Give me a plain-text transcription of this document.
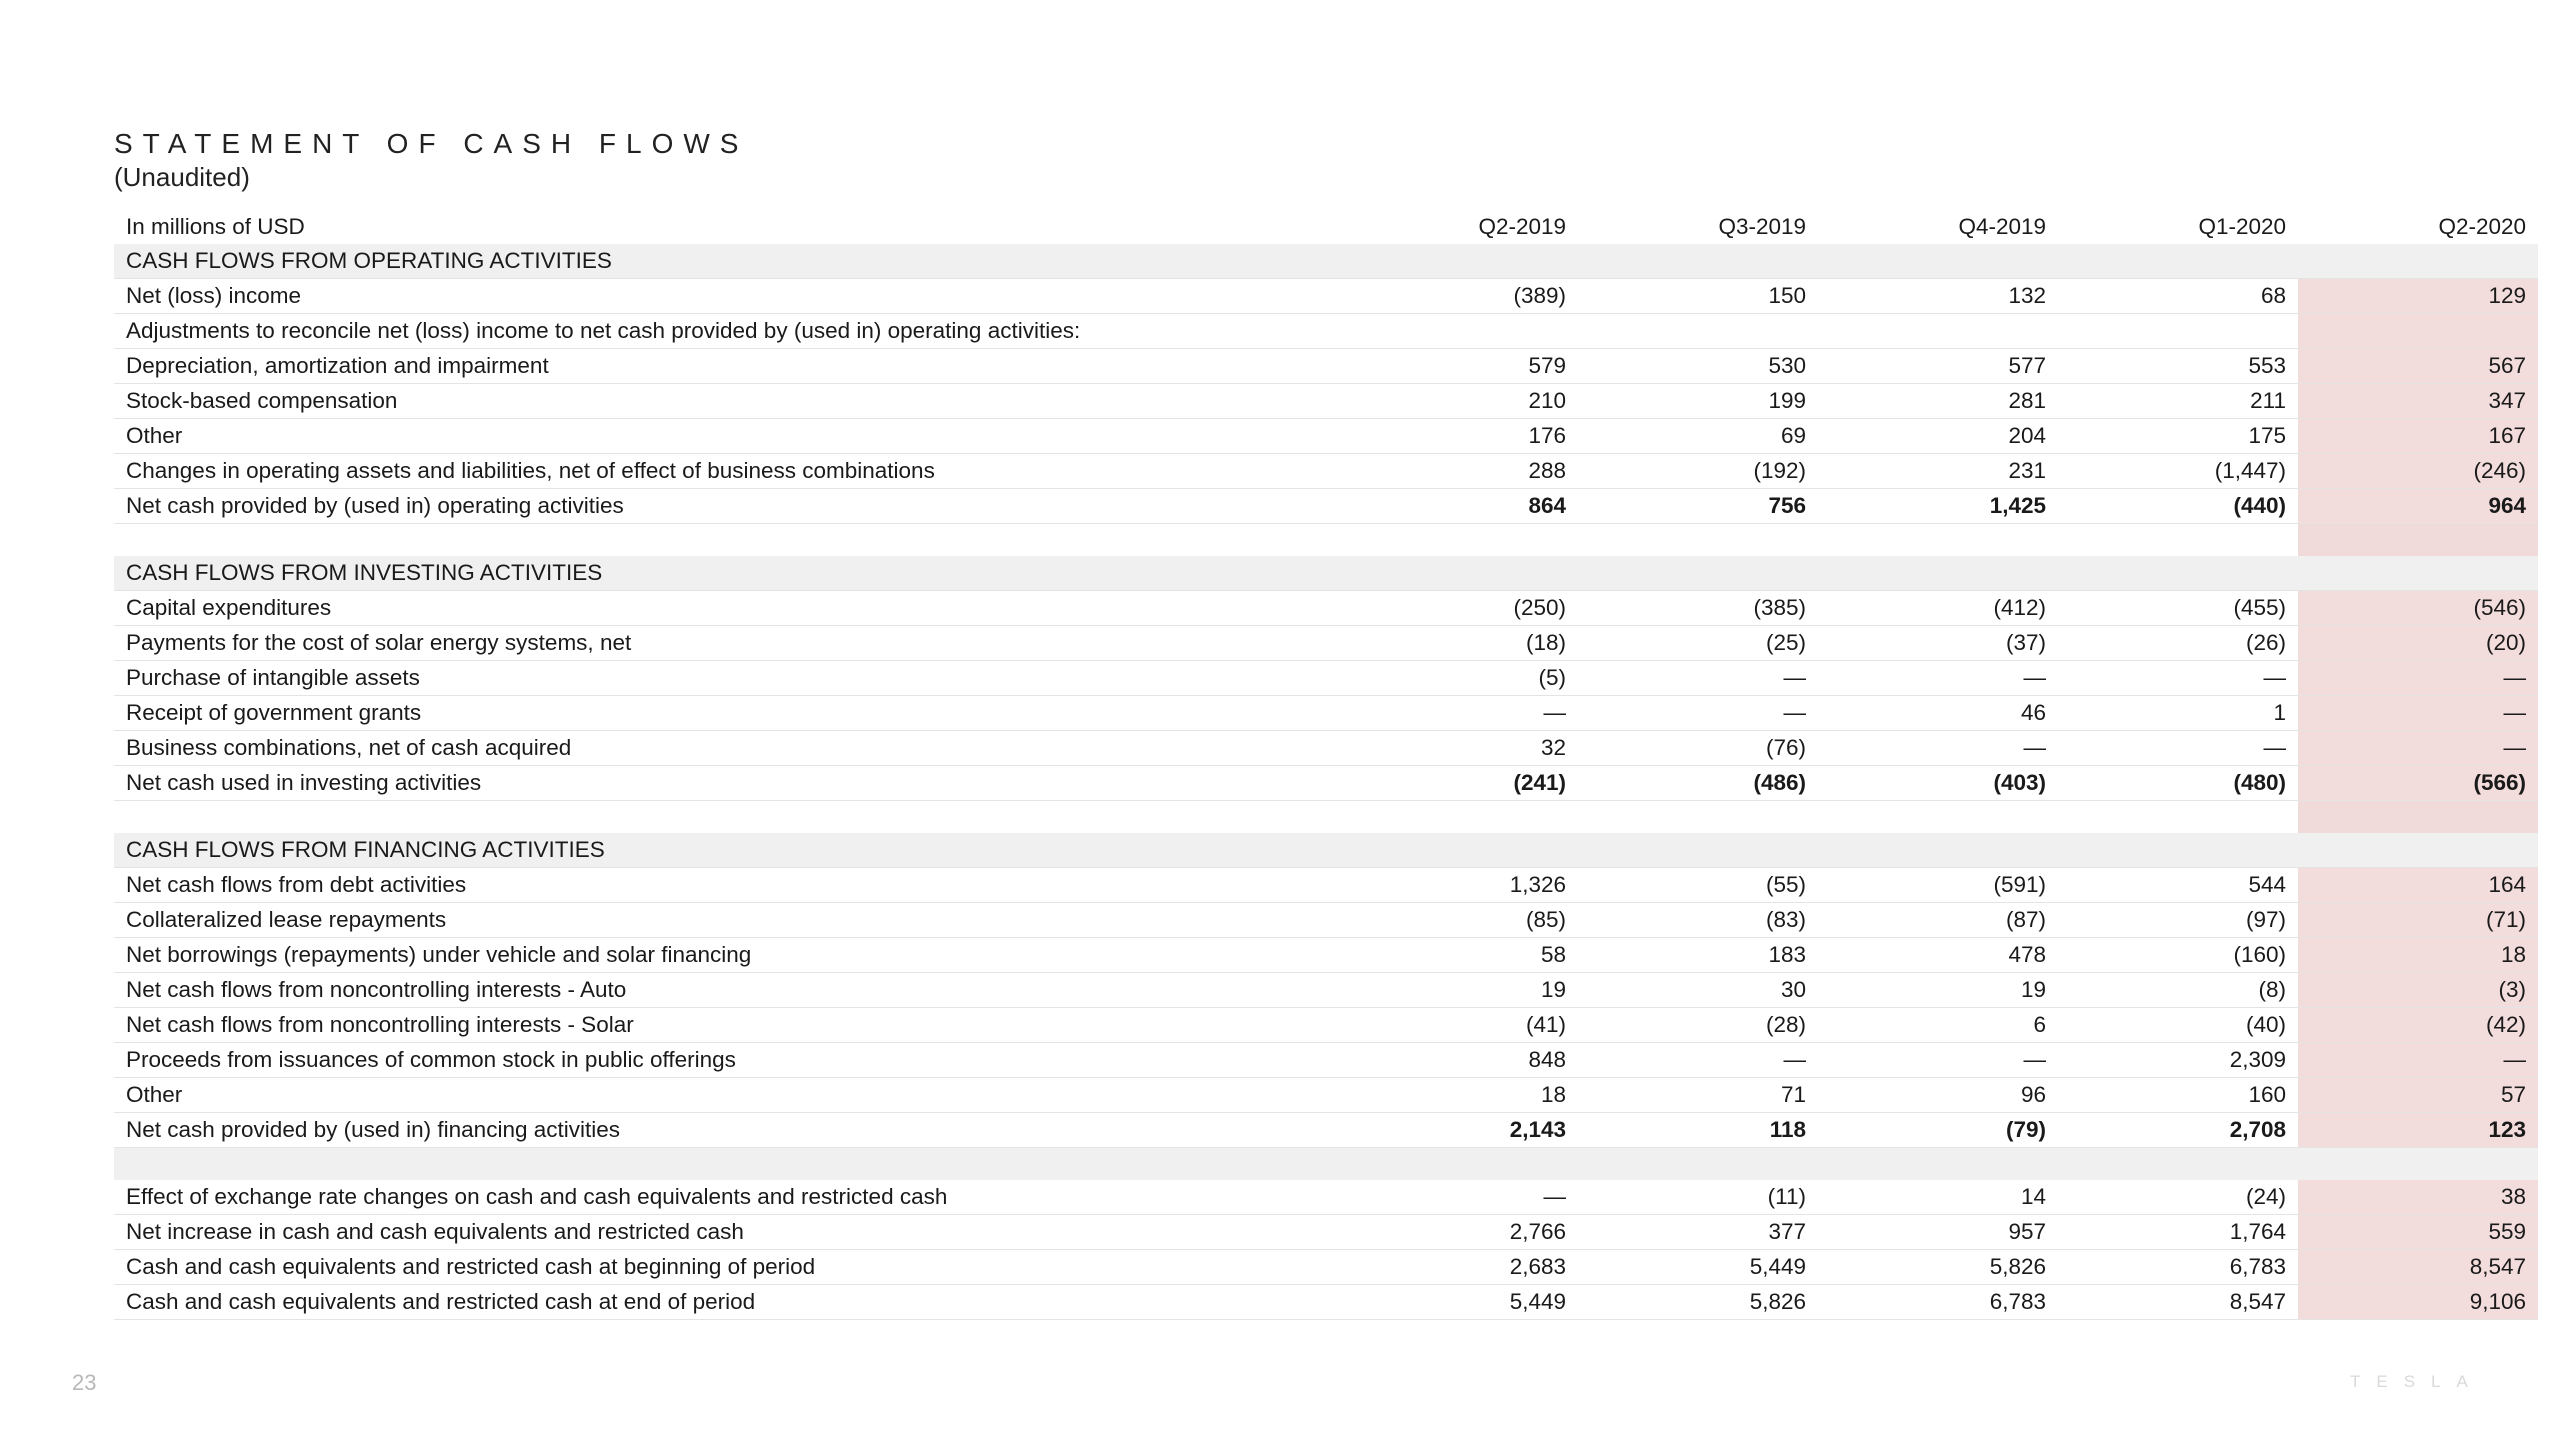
STATEMENT OF CASH FLOWS
(Unaudited)
In millions of USD	Q2-2019	Q3-2019	Q4-2019	Q1-2020	Q2-2020
CASH FLOWS FROM OPERATING ACTIVITIES					
Net (loss) income	(389)	150	132	68	129
Adjustments to reconcile net (loss) income to net cash provided by (used in) operating activities:					
Depreciation, amortization and impairment	579	530	577	553	567
Stock-based compensation	210	199	281	211	347
Other	176	69	204	175	167
Changes in operating assets and liabilities, net of effect of business combinations	288	(192)	231	(1,447)	(246)
Net cash provided by (used in) operating activities	864	756	1,425	(440)	964

CASH FLOWS FROM INVESTING ACTIVITIES					
Capital expenditures	(250)	(385)	(412)	(455)	(546)
Payments for the cost of solar energy systems, net	(18)	(25)	(37)	(26)	(20)
Purchase of intangible assets	(5)	—	—	—	—
Receipt of government grants	—	—	46	1	—
Business combinations, net of cash acquired	32	(76)	—	—	—
Net cash used in investing activities	(241)	(486)	(403)	(480)	(566)

CASH FLOWS FROM FINANCING ACTIVITIES					
Net cash flows from debt activities	1,326	(55)	(591)	544	164
Collateralized lease repayments	(85)	(83)	(87)	(97)	(71)
Net borrowings (repayments) under vehicle and solar financing	58	183	478	(160)	18
Net cash flows from noncontrolling interests - Auto	19	30	19	(8)	(3)
Net cash flows from noncontrolling interests - Solar	(41)	(28)	6	(40)	(42)
Proceeds from issuances of common stock in public offerings	848	—	—	2,309	—
Other	18	71	96	160	57
Net cash provided by (used in) financing activities	2,143	118	(79)	2,708	123

Effect of exchange rate changes on cash and cash equivalents and restricted cash	—	(11)	14	(24)	38
Net increase in cash and cash equivalents and restricted cash	2,766	377	957	1,764	559
Cash and cash equivalents and restricted cash at beginning of period	2,683	5,449	5,826	6,783	8,547
Cash and cash equivalents and restricted cash at end of period	5,449	5,826	6,783	8,547	9,106
23	TESLA
